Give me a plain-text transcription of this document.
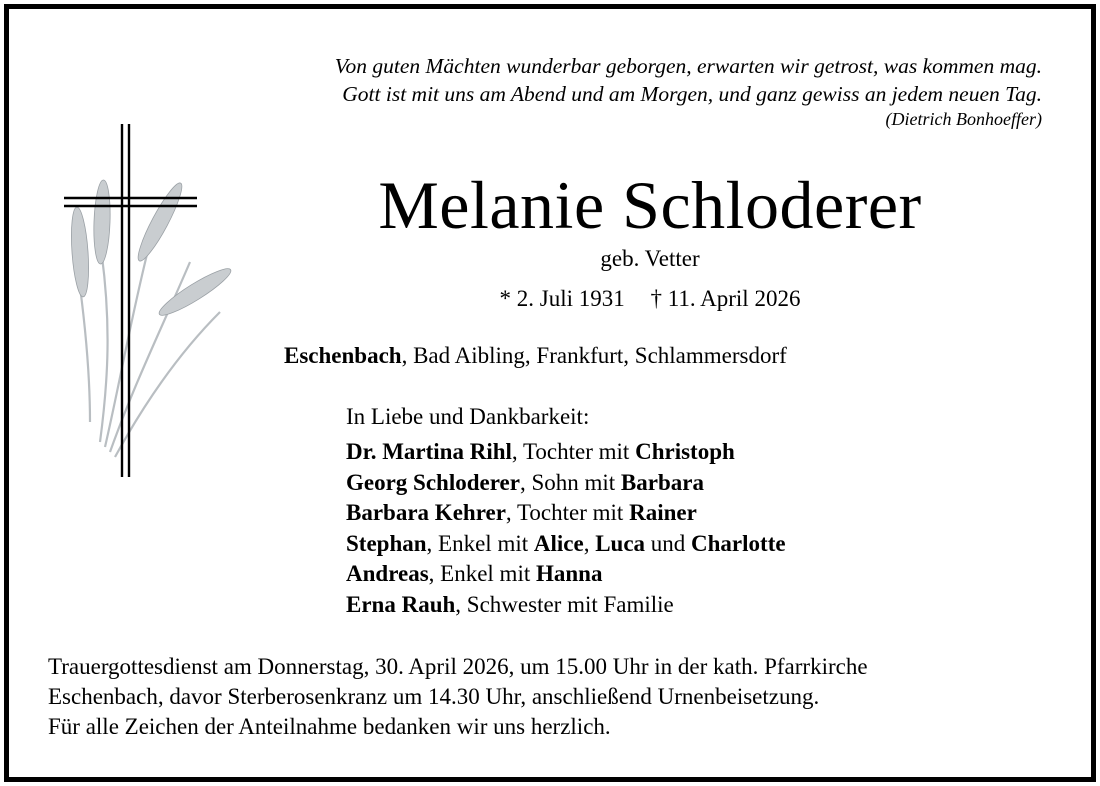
Von guten Mächten wunderbar geborgen, erwarten wir getrost, was kommen mag.
Gott ist mit uns am Abend und am Morgen, und ganz gewiss an jedem neuen Tag.
(Dietrich Bonhoeffer)
Melanie Schloderer
geb. Vetter
* 2. Juli 1931 † 11. April 2026
Eschenbach, Bad Aibling, Frankfurt, Schlammersdorf
In Liebe und Dankbarkeit:
Dr. Martina Rihl, Tochter mit Christoph
Georg Schloderer, Sohn mit Barbara
Barbara Kehrer, Tochter mit Rainer
Stephan, Enkel mit Alice, Luca und Charlotte
Andreas, Enkel mit Hanna
Erna Rauh, Schwester mit Familie
Trauergottesdienst am Donnerstag, 30. April 2026, um 15.00 Uhr in der kath. Pfarrkirche
Eschenbach, davor Sterberosenkranz um 14.30 Uhr, anschließend Urnenbeisetzung.
Für alle Zeichen der Anteilnahme bedanken wir uns herzlich.
